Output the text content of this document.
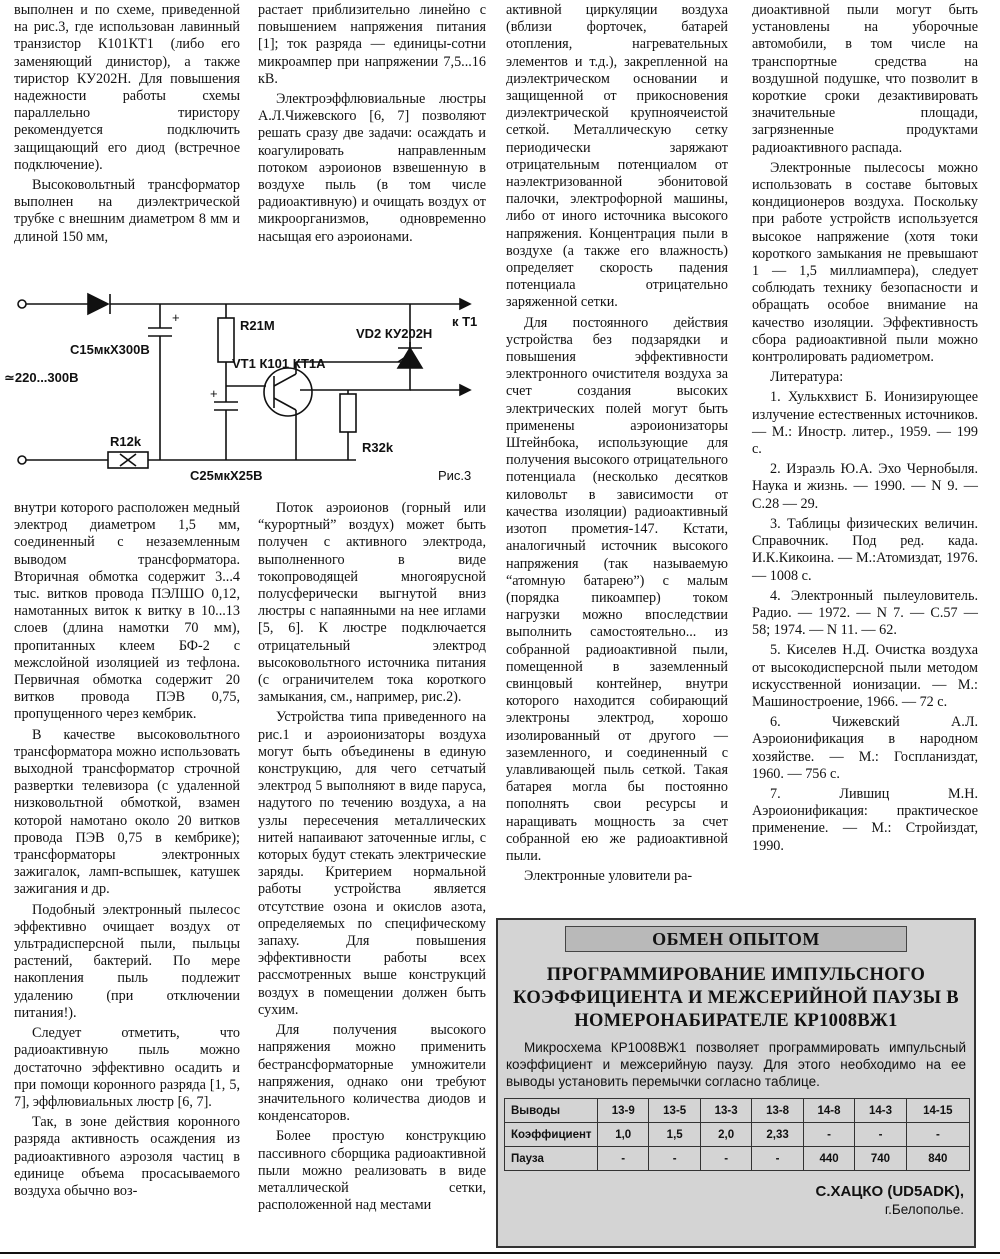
выполнен и по схеме, приведенной на рис.3, где использован лавинный транзистор К101КТ1 (либо его заменяющий динистор), а также тиристор КУ202Н. Для повышения надежности работы схемы параллельно тиристору рекомендуется подключить защищающий его диод (встречное подключение).

Высоковольтный трансформатор выполнен на диэлектрической трубке с внешним диаметром 8 мм и длиной 150 мм,

растает приблизительно линейно с повышением напряжения питания [1]; ток разряда — единицы-сотни микроампер при напряжении 7,5...16 кВ.

Электроэффлювиальные люстры А.Л.Чижевского [6, 7] позволяют решать сразу две задачи: осаждать и коагулировать направленным потоком аэроионов взвешенную в воздухе пыль (в том числе радиоактивную) и очищать воздух от микроорганизмов, одновременно насыщая его аэроионами.

+
+
С15мкХ300В
R21М
VT1 К101 КТ1А
VD2 КУ202Н
к Т1
≃220...300В
R12k
С25мкХ25В
R32k
Рис.3

внутри которого расположен медный электрод диаметром 1,5 мм, соединенный с незаземленным выводом трансформатора. Вторичная обмотка содержит 3...4 тыс. витков провода ПЭЛШО 0,12, намотанных виток к витку в 10...13 слоев (длина намотки 70 мм), пропитанных клеем БФ-2 с межслойной изоляцией из тефлона. Первичная обмотка содержит 20 витков провода ПЭВ 0,75, пропущенного через кембрик.

В качестве высоковольтного трансформатора можно использовать выходной трансформатор строчной развертки телевизора (с удаленной низковольтной обмоткой, взамен которой намотано около 20 витков провода ПЭВ 0,75 в кембрике); трансформаторы электронных зажигалок, ламп-вспышек, катушек зажигания и др.

Подобный электронный пылесос эффективно очищает воздух от ультрадисперсной пыли, пыльцы растений, бактерий. По мере накопления пыль подлежит удалению (при отключении питания!).

Следует отметить, что радиоактивную пыль можно достаточно эффективно осадить и при помощи коронного разряда [1, 5, 7], эффлювиальных люстр [6, 7].

Так, в зоне действия коронного разряда активность осаждения из радиоактивного аэрозоля частиц в единице объема просасываемого воздуха обычно воз-

Поток аэроионов (горный или “курортный” воздух) может быть получен с активного электрода, выполненного в виде токопроводящей многоярусной полусферически выгнутой вниз люстры с напаянными на нее иглами [5, 6]. К люстре подключается отрицательный электрод высоковольтного источника питания (с ограничителем тока короткого замыкания, см., например, рис.2).

Устройства типа приведенного на рис.1 и аэроионизаторы воздуха могут быть объединены в единую конструкцию, для чего сетчатый электрод 5 выполняют в виде паруса, надутого по течению воздуха, а на узлы пересечения металлических нитей напаивают заточенные иглы, с которых будут стекать электрические заряды. Критерием нормальной работы устройства является отсутствие озона и окислов азота, определяемых по специфическому запаху. Для повышения эффективности работы всех рассмотренных выше конструкций воздух в помещении должен быть сухим.

Для получения высокого напряжения можно применить бестрансформаторные умножители напряжения, однако они требуют значительного количества диодов и конденсаторов.

Более простую конструкцию пассивного сборщика радиоактивной пыли можно реализовать в виде металлической сетки, расположенной над местами

активной циркуляции воздуха (вблизи форточек, батарей отопления, нагревательных элементов и т.д.), закрепленной на диэлектрическом основании и защищенной от прикосновения диэлектрической крупноячеистой сеткой. Металлическую сетку периодически заряжают отрицательным потенциалом от наэлектризованной эбонитовой палочки, электрофорной машины, либо от иного источника высокого напряжения. Концентрация пыли в воздухе (а также его влажность) определяет скорость падения потенциала отрицательно заряженной сетки.

Для постоянного действия устройства без подзарядки и повышения эффективности электронного очистителя воздуха за счет создания высоких электрических полей могут быть применены аэроионизаторы Штейнбока, использующие для получения высокого отрицательного потенциала (несколько десятков киловольт в зависимости от качества изоляции) радиоактивный изотоп прометия-147. Кстати, аналогичный источник высокого напряжения (так называемую “атомную батарею”) с малым (порядка пикоампер) током нагрузки можно впоследствии выполнить самостоятельно... из собранной радиоактивной пыли, помещенной в заземленный свинцовый контейнер, внутри которого находится собирающий электроны электрод, хорошо изолированный от другого — заземленного, и соединенный с улавливающей пыль сеткой. Такая батарея могла бы постоянно пополнять свои ресурсы и наращивать мощность за счет собранной ею же радиоактивной пыли.

Электронные уловители ра-

диоактивной пыли могут быть установлены на уборочные автомобили, в том числе на транспортные средства на воздушной подушке, что позволит в короткие сроки дезактивировать значительные площади, загрязненные продуктами радиоактивного распада.

Электронные пылесосы можно использовать в составе бытовых кондиционеров воздуха. Поскольку при работе устройств используется высокое напряжение (хотя токи короткого замыкания не превышают 1 — 1,5 миллиампера), следует соблюдать технику безопасности и обращать особое внимание на качество изоляции. Эффективность сбора радиоактивной пыли можно контролировать радиометром.

Литература:

1. Хулькхвист Б. Ионизирующее излучение естественных источников. — М.: Иностр. литер., 1959. — 199 с.

2. Израэль Ю.А. Эхо Чернобыля. Наука и жизнь. — 1990. — N 9. — С.28 — 29.

3. Таблицы физических величин. Справочник. Под ред. када. И.К.Кикоина. — М.:Атомиздат, 1976. — 1008 с.

4. Электронный пылеуловитель. Радио. — 1972. — N 7. — С.57 — 58; 1974. — N 11. — 62.

5. Киселев Н.Д. Очистка воздуха от высокодисперсной пыли методом искусственной ионизации. — М.: Машиностроение, 1966. — 72 с.

6. Чижевский А.Л. Аэроионификация в народном хозяйстве. — М.: Госпланиздат, 1960. — 756 с.

7. Лившиц М.Н. Аэроионификация: практическое применение. — М.: Стройиздат, 1990.

ОБМЕН ОПЫТОМ
ПРОГРАММИРОВАНИЕ ИМПУЛЬСНОГО КОЭФФИЦИЕНТА И МЕЖСЕРИЙНОЙ ПАУЗЫ В НОМЕРОНАБИРАТЕЛЕ КР1008ВЖ1
Микросхема КР1008ВЖ1 позволяет программировать импульсный коэффициент и межсерийную паузу. Для этого необходимо на ее выводы установить перемычки согласно таблице.
Выводы	13-9	13-5	13-3	13-8	14-8	14-3	14-15
Коэффициент	1,0	1,5	2,0	2,33	-	-	-
Пауза	-	-	-	-	440	740	840
С.ХАЦКО (UD5ADK),
г.Белополье.
